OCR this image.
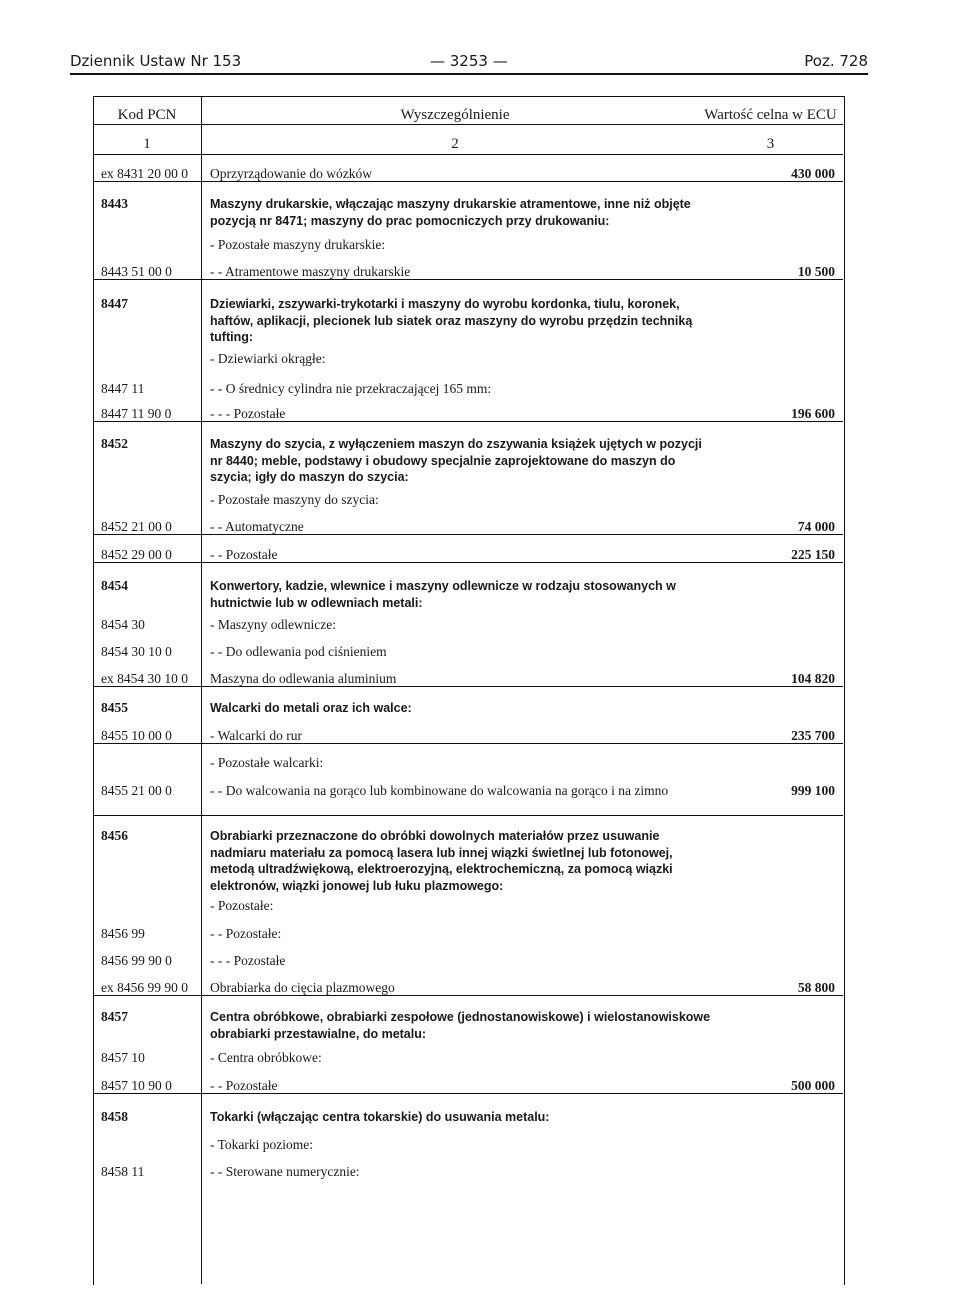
Dziennik Ustaw Nr 153	— 3253 —	Poz. 728
Kod PCN	Wyszczególnienie	Wartość celna w ECU
1	2	3
ex 8431 20 00 0	Oprzyrządowanie do wózków	430 000
8443	Maszyny drukarskie, włączając maszyny drukarskie atramentowe, inne niż objęte pozycją nr 8471; maszyny do prac pomocniczych przy drukowaniu:
- Pozostałe maszyny drukarskie:
8443 51 00 0	- - Atramentowe maszyny drukarskie	10 500
8447	Dziewiarki, zszywarki-trykotarki i maszyny do wyrobu kordonka, tiulu, koronek, haftów, aplikacji, plecionek lub siatek oraz maszyny do wyrobu przędzin techniką tufting:
- Dziewiarki okrągłe:
8447 11	- - O średnicy cylindra nie przekraczającej 165 mm:
8447 11 90 0	- - - Pozostałe	196 600
8452	Maszyny do szycia, z wyłączeniem maszyn do zszywania książek ujętych w pozycji nr 8440; meble, podstawy i obudowy specjalnie zaprojektowane do maszyn do szycia; igły do maszyn do szycia:
- Pozostałe maszyny do szycia:
8452 21 00 0	- - Automatyczne	74 000
8452 29 00 0	- - Pozostałe	225 150
8454	Konwertory, kadzie, wlewnice i maszyny odlewnicze w rodzaju stosowanych w hutnictwie lub w odlewniach metali:
8454 30	- Maszyny odlewnicze:
8454 30 10 0	- - Do odlewania pod ciśnieniem
ex 8454 30 10 0	Maszyna do odlewania aluminium	104 820
8455	Walcarki do metali oraz ich walce:
8455 10 00 0	- Walcarki do rur	235 700
- Pozostałe walcarki:
8455 21 00 0	- - Do walcowania na gorąco lub kombinowane do walcowania na gorąco i na zimno	999 100
8456	Obrabiarki przeznaczone do obróbki dowolnych materiałów przez usuwanie nadmiaru materiału za pomocą lasera lub innej wiązki świetlnej lub fotonowej, metodą ultradźwiękową, elektroerozyjną, elektrochemiczną, za pomocą wiązki elektronów, wiązki jonowej lub łuku plazmowego:
- Pozostałe:
8456 99	- - Pozostałe:
8456 99 90 0	- - - Pozostałe
ex 8456 99 90 0	Obrabiarka do cięcia plazmowego	58 800
8457	Centra obróbkowe, obrabiarki zespołowe (jednostanowiskowe) i wielostanowiskowe obrabiarki przestawialne, do metalu:
8457 10	- Centra obróbkowe:
8457 10 90 0	- - Pozostałe	500 000
8458	Tokarki (włączając centra tokarskie) do usuwania metalu:
- Tokarki poziome:
8458 11	- - Sterowane numerycznie:
